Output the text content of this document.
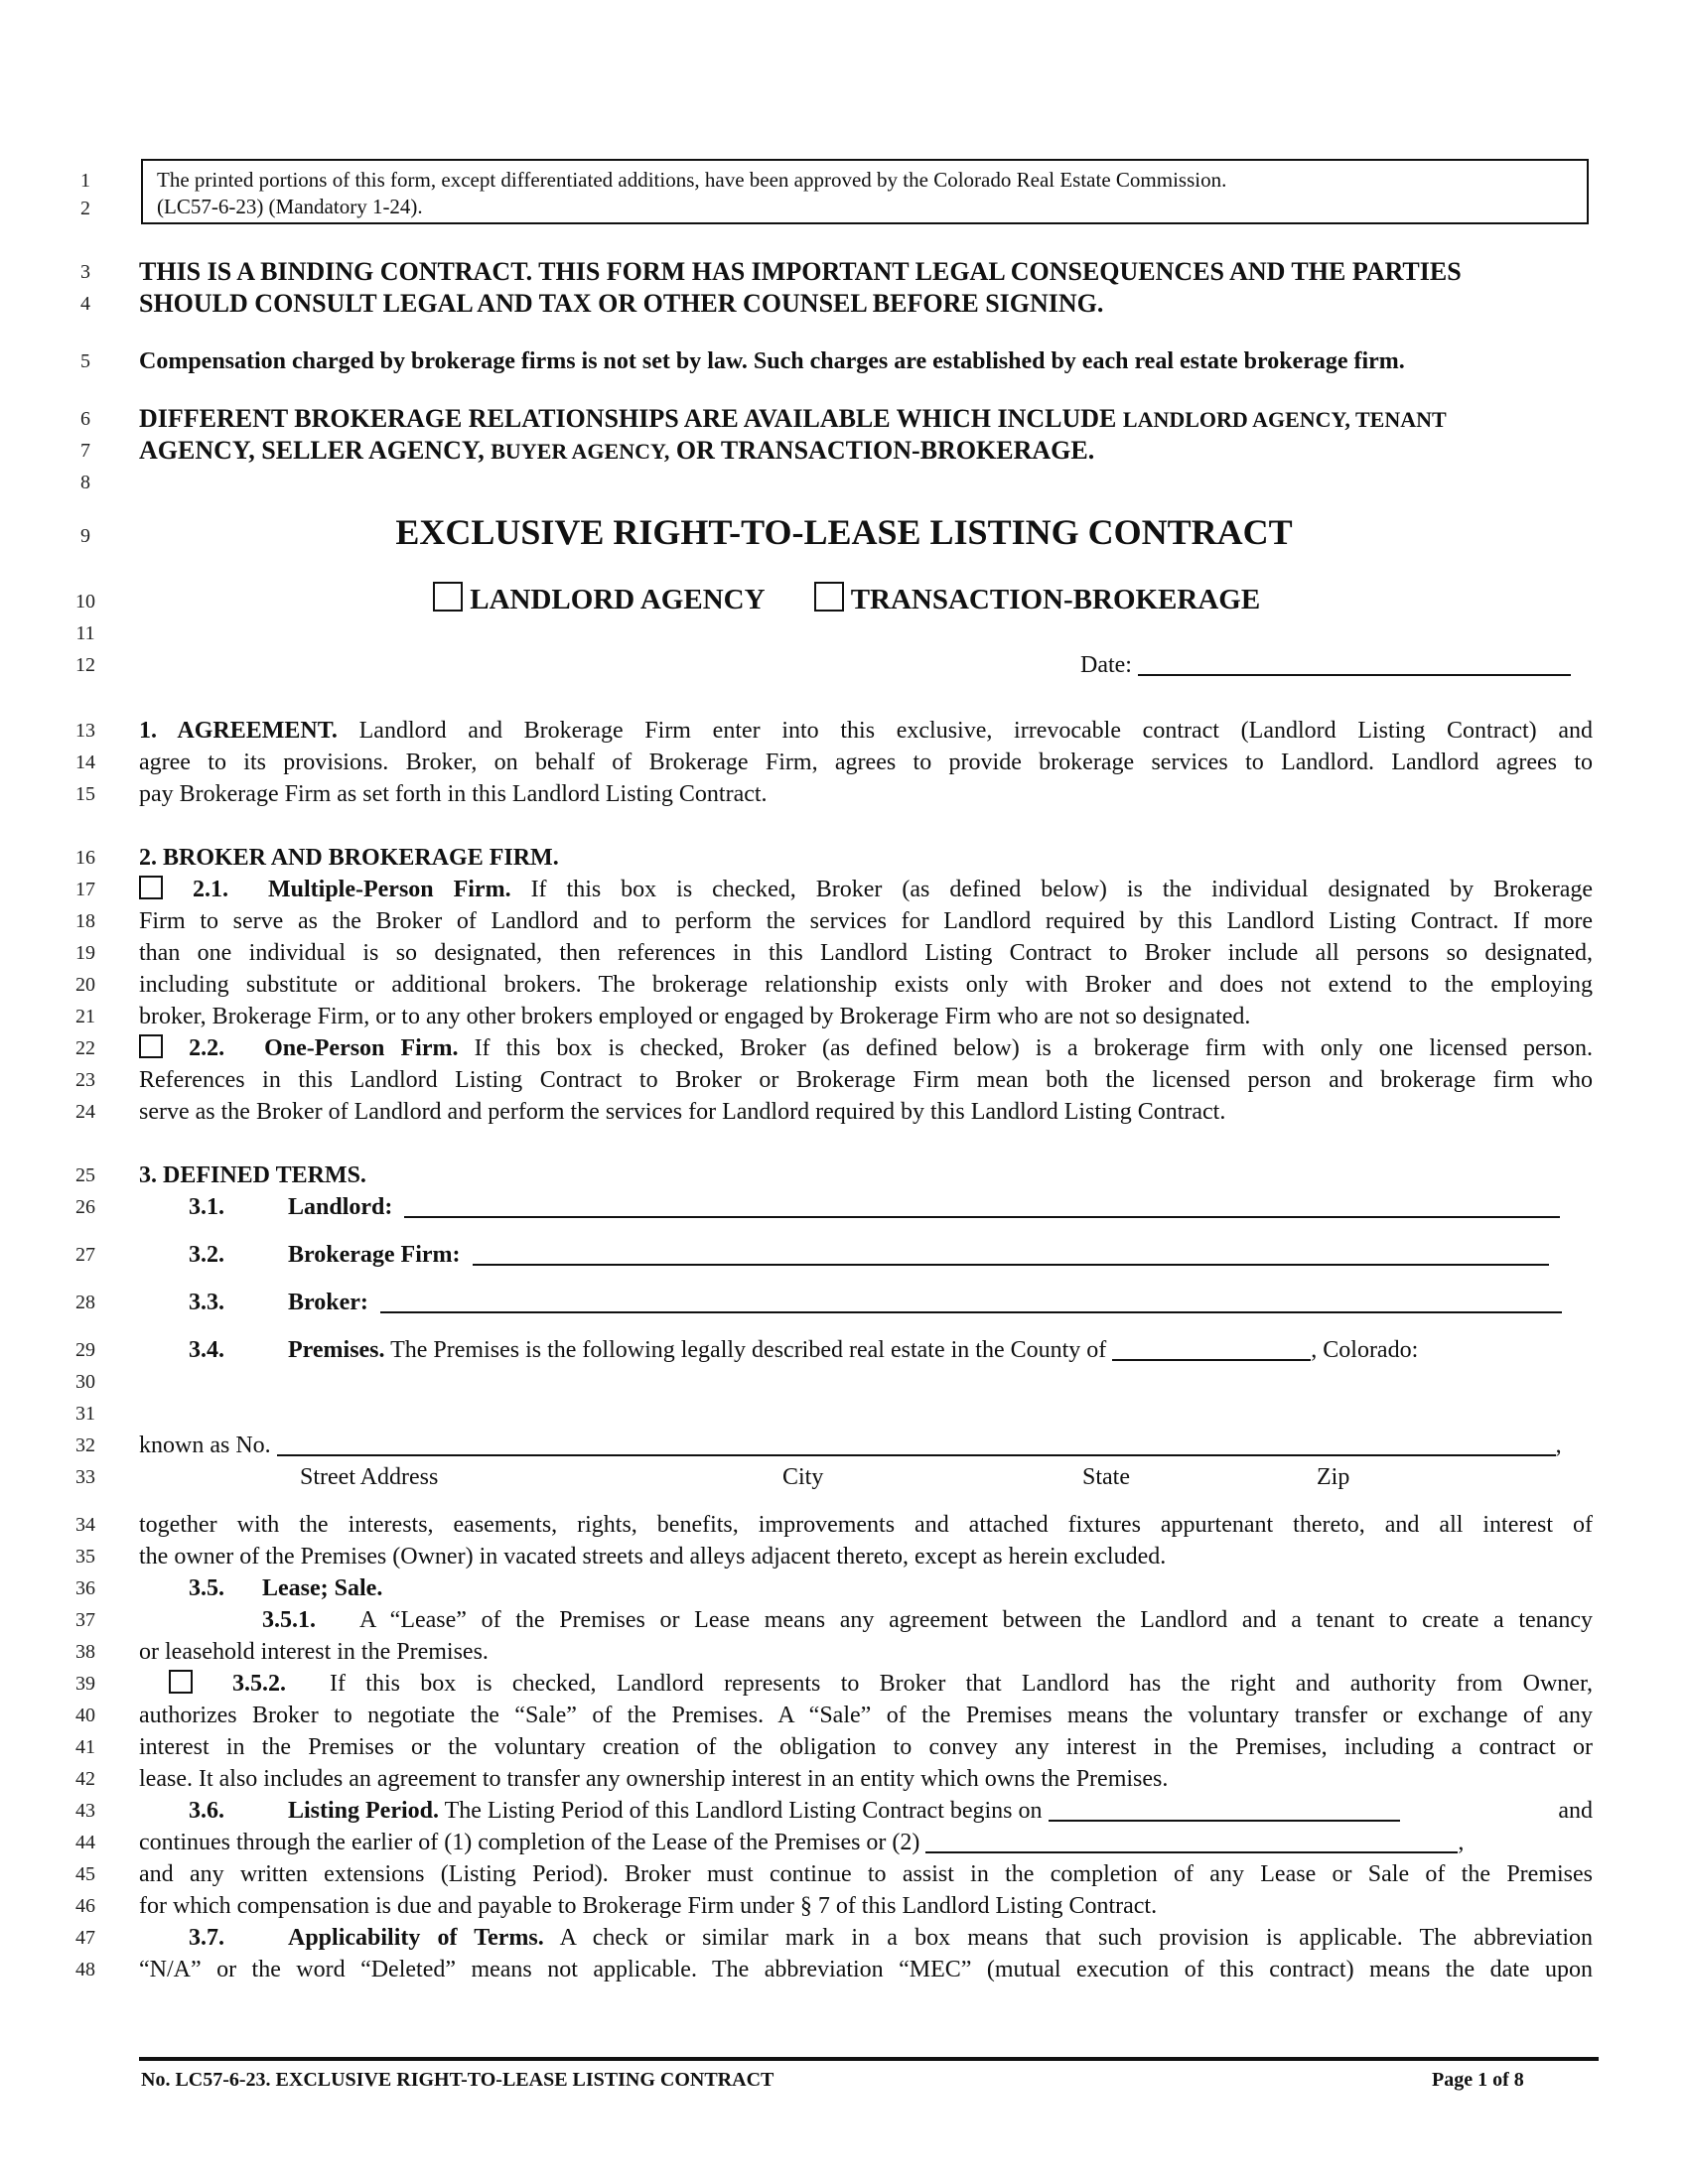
1
2
3
4
5
6
7
8
9
10
11
12
13
14
15
16
17
18
19
20
21
22
23
24
25
26
27
28
29
30
31
32
33
34
35
36
37
38
39
40
41
42
43
44
45
46
47
48
The printed portions of this form, except differentiated additions, have been approved by the Colorado Real Estate Commission.
(LC57-6-23) (Mandatory 1-24).
THIS IS A BINDING CONTRACT. THIS FORM HAS IMPORTANT LEGAL CONSEQUENCES AND THE PARTIES
SHOULD CONSULT LEGAL AND TAX OR OTHER COUNSEL BEFORE SIGNING.
Compensation charged by brokerage firms is not set by law. Such charges are established by each real estate brokerage firm.
DIFFERENT BROKERAGE RELATIONSHIPS ARE AVAILABLE WHICH INCLUDE LANDLORD AGENCY, TENANT
AGENCY, SELLER AGENCY, BUYER AGENCY, OR TRANSACTION-BROKERAGE.
EXCLUSIVE RIGHT-TO-LEASE LISTING CONTRACT
LANDLORD AGENCY	TRANSACTION-BROKERAGE
Date:
1. AGREEMENT. Landlord and Brokerage Firm enter into this exclusive, irrevocable contract (Landlord Listing Contract) and
agree to its provisions. Broker, on behalf of Brokerage Firm, agrees to provide brokerage services to Landlord. Landlord agrees to
pay Brokerage Firm as set forth in this Landlord Listing Contract.
2. BROKER AND BROKERAGE FIRM.
2.1. Multiple-Person Firm. If this box is checked, Broker (as defined below) is the individual designated by Brokerage
Firm to serve as the Broker of Landlord and to perform the services for Landlord required by this Landlord Listing Contract. If more
than one individual is so designated, then references in this Landlord Listing Contract to Broker include all persons so designated,
including substitute or additional brokers. The brokerage relationship exists only with Broker and does not extend to the employing
broker, Brokerage Firm, or to any other brokers employed or engaged by Brokerage Firm who are not so designated.
2.2. One-Person Firm. If this box is checked, Broker (as defined below) is a brokerage firm with only one licensed person.
References in this Landlord Listing Contract to Broker or Brokerage Firm mean both the licensed person and brokerage firm who
serve as the Broker of Landlord and perform the services for Landlord required by this Landlord Listing Contract.
3. DEFINED TERMS.
3.1.	Landlord:
3.2.	Brokerage Firm:
3.3.	Broker:
3.4.	Premises. The Premises is the following legally described real estate in the County of	, Colorado:
known as No.	,
Street Address	City	State	Zip
together with the interests, easements, rights, benefits, improvements and attached fixtures appurtenant thereto, and all interest of
the owner of the Premises (Owner) in vacated streets and alleys adjacent thereto, except as herein excluded.
3.5. Lease; Sale.
3.5.1. A “Lease” of the Premises or Lease means any agreement between the Landlord and a tenant to create a tenancy
or leasehold interest in the Premises.
3.5.2. If this box is checked, Landlord represents to Broker that Landlord has the right and authority from Owner,
authorizes Broker to negotiate the “Sale” of the Premises. A “Sale” of the Premises means the voluntary transfer or exchange of any
interest in the Premises or the voluntary creation of the obligation to convey any interest in the Premises, including a contract or
lease. It also includes an agreement to transfer any ownership interest in an entity which owns the Premises.
3.6.	Listing Period. The Listing Period of this Landlord Listing Contract begins on	and
continues through the earlier of (1) completion of the Lease of the Premises or (2)	,
and any written extensions (Listing Period). Broker must continue to assist in the completion of any Lease or Sale of the Premises
for which compensation is due and payable to Brokerage Firm under § 7 of this Landlord Listing Contract.
3.7.	Applicability of Terms. A check or similar mark in a box means that such provision is applicable. The abbreviation
“N/A” or the word “Deleted” means not applicable. The abbreviation “MEC” (mutual execution of this contract) means the date upon
No. LC57-6-23. EXCLUSIVE RIGHT-TO-LEASE LISTING CONTRACT	Page 1 of 8
